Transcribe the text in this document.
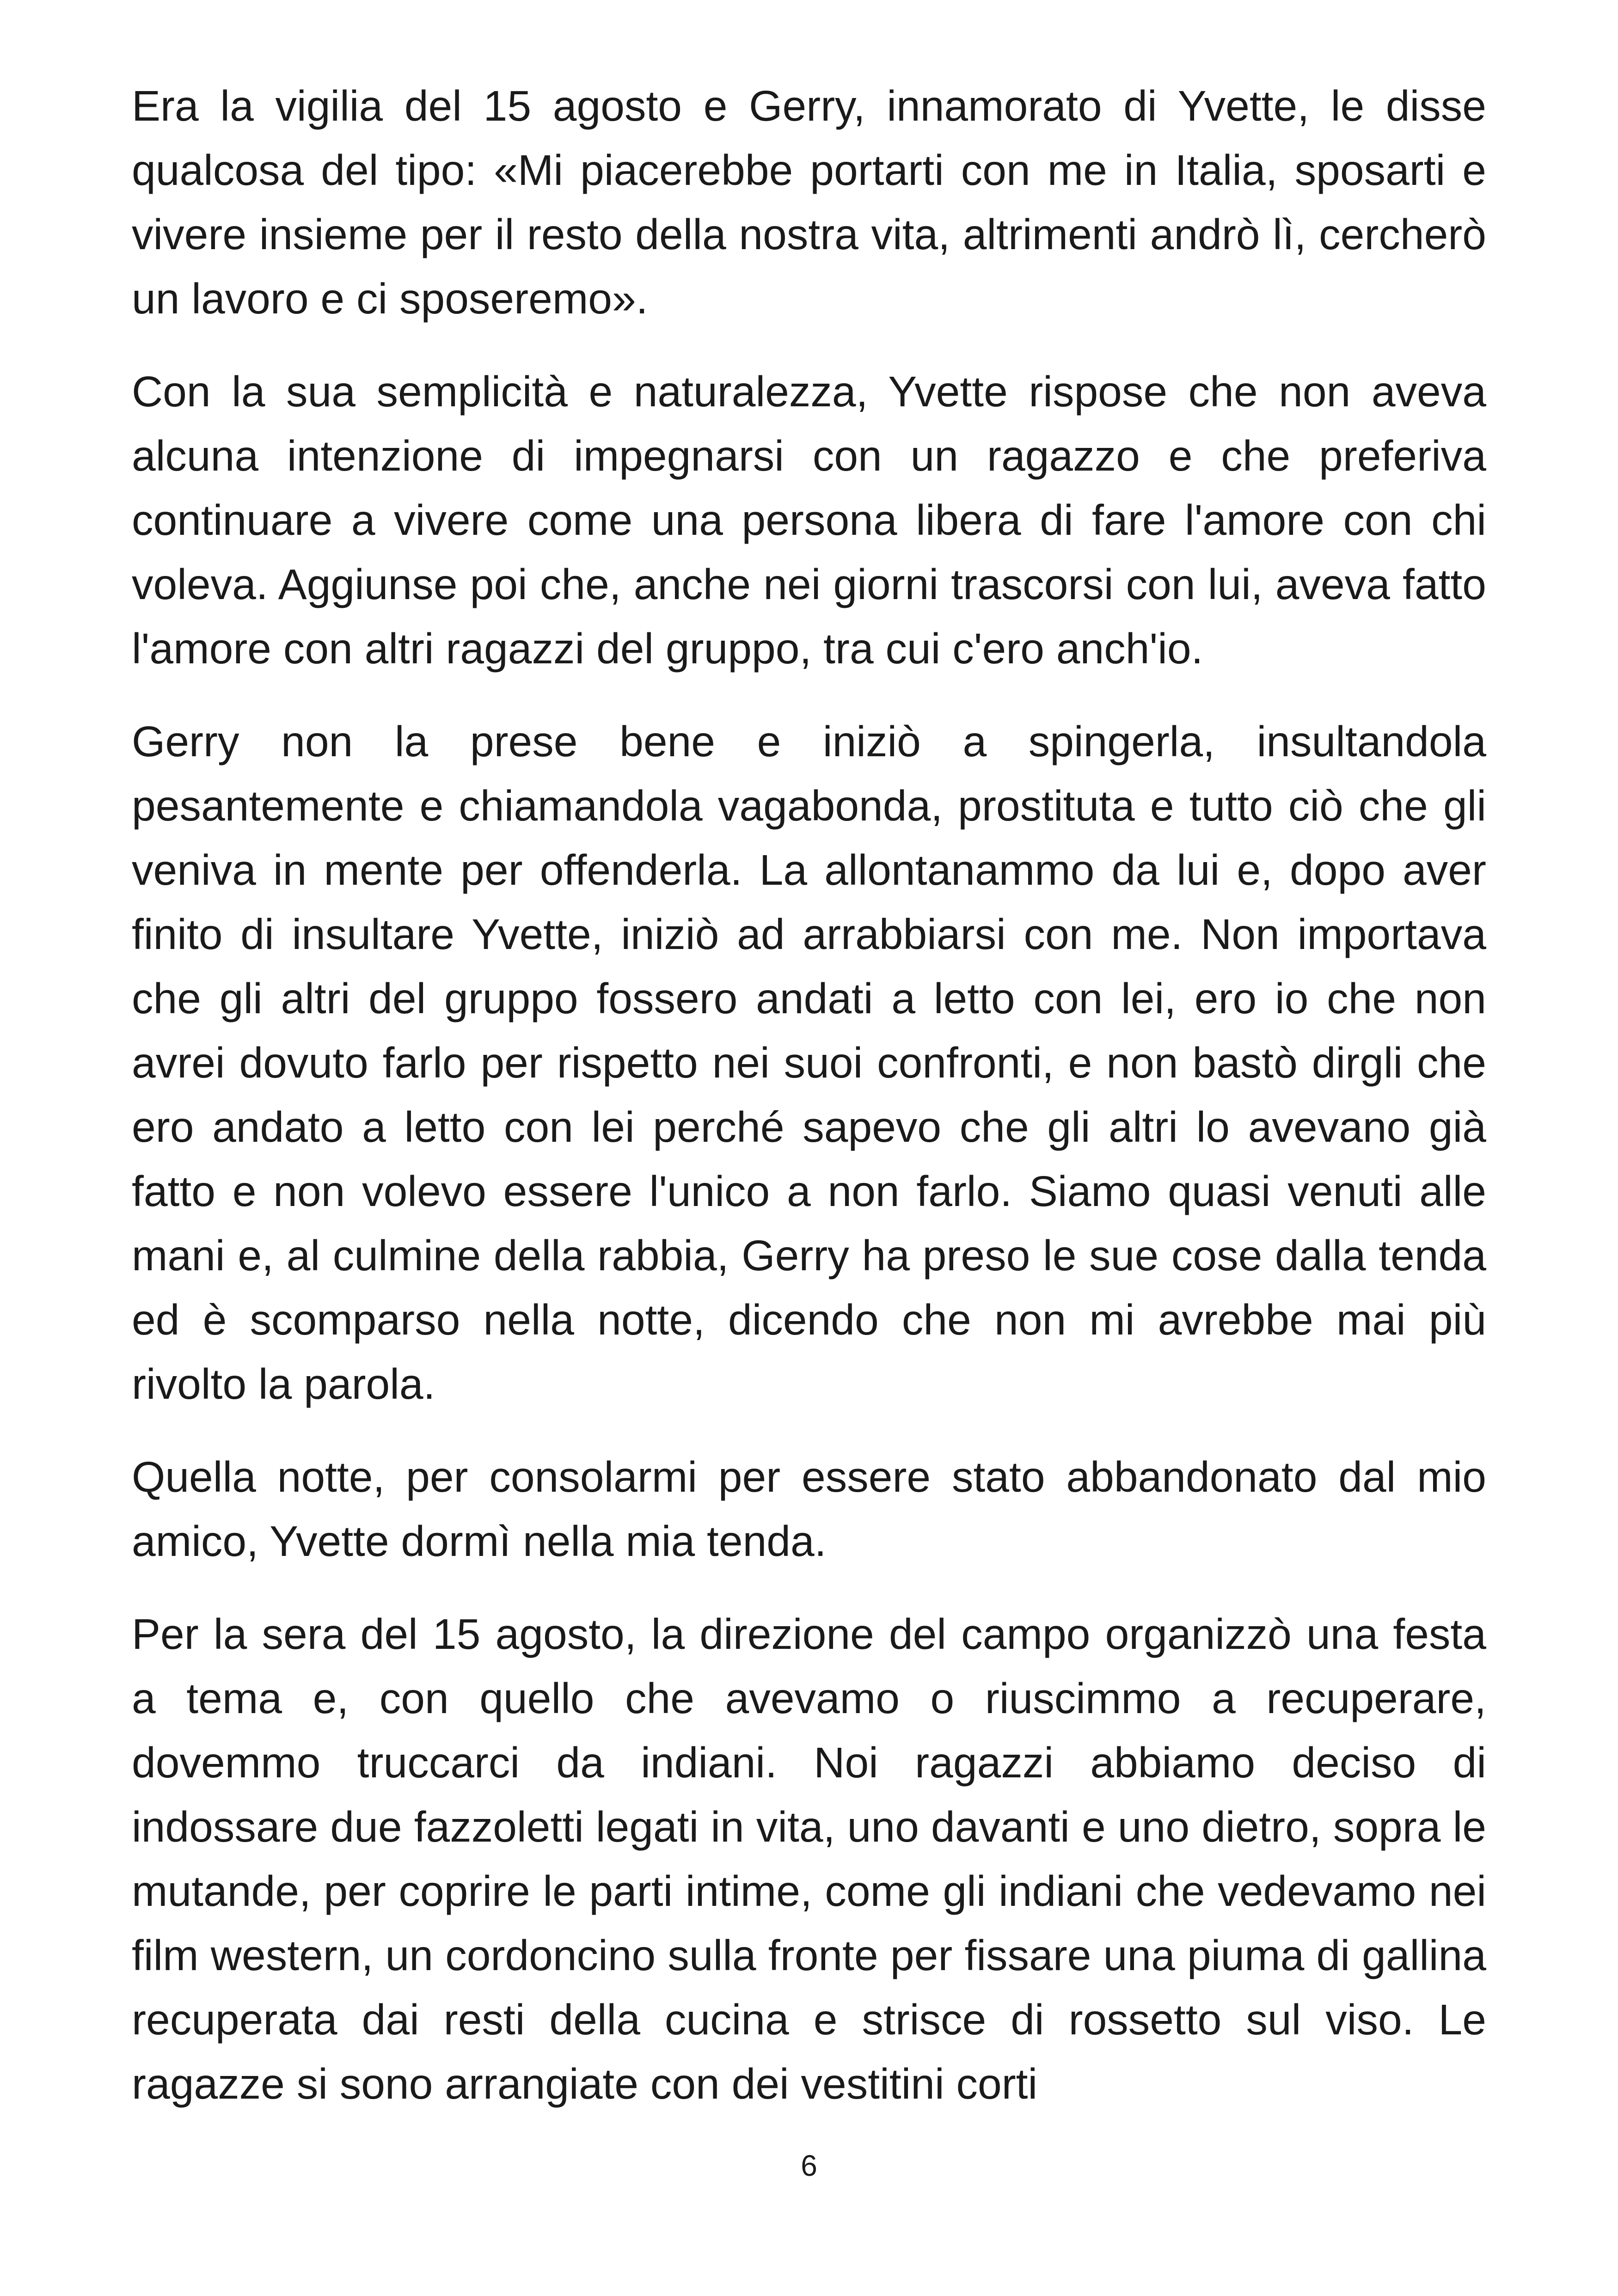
Era la vigilia del 15 agosto e Gerry, innamorato di Yvette, le disse qualcosa del tipo: «Mi piacerebbe portarti con me in Italia, sposarti e vivere insieme per il resto della nostra vita, altrimenti andrò lì, cercherò un lavoro e ci sposeremo».

Con la sua semplicità e naturalezza, Yvette rispose che non aveva alcuna intenzione di impegnarsi con un ragazzo e che preferiva continuare a vivere come una persona libera di fare l'amore con chi voleva. Aggiunse poi che, anche nei giorni trascorsi con lui, aveva fatto l'amore con altri ragazzi del gruppo, tra cui c'ero anch'io.

Gerry non la prese bene e iniziò a spingerla, insultandola pesantemente e chiamandola vagabonda, prostituta e tutto ciò che gli veniva in mente per offenderla. La allontanammo da lui e, dopo aver finito di insultare Yvette, iniziò ad arrabbiarsi con me. Non importava che gli altri del gruppo fossero andati a letto con lei, ero io che non avrei dovuto farlo per rispetto nei suoi confronti, e non bastò dirgli che ero andato a letto con lei perché sapevo che gli altri lo avevano già fatto e non volevo essere l'unico a non farlo. Siamo quasi venuti alle mani e, al culmine della rabbia, Gerry ha preso le sue cose dalla tenda ed è scomparso nella notte, dicendo che non mi avrebbe mai più rivolto la parola.

Quella notte, per consolarmi per essere stato abbandonato dal mio amico, Yvette dormì nella mia tenda.

Per la sera del 15 agosto, la direzione del campo organizzò una festa a tema e, con quello che avevamo o riuscimmo a recuperare, dovemmo truccarci da indiani. Noi ragazzi abbiamo deciso di indossare due fazzoletti legati in vita, uno davanti e uno dietro, sopra le mutande, per coprire le parti intime, come gli indiani che vedevamo nei film western, un cordoncino sulla fronte per fissare una piuma di gallina recuperata dai resti della cucina e strisce di rossetto sul viso. Le ragazze si sono arrangiate con dei vestitini corti

6
